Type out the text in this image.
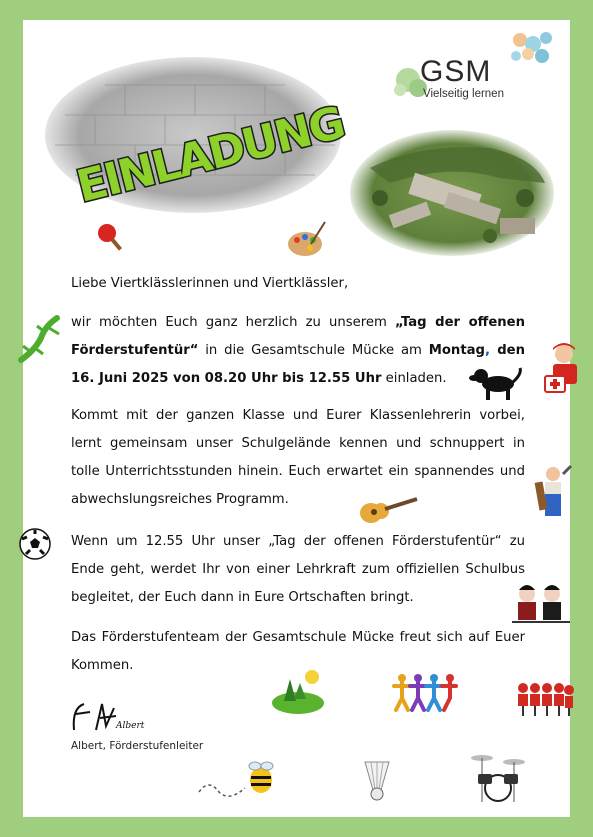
EINLADUNG
GSM
Vielseitig lernen
Albert
Liebe Viertklässlerinnen und Viertklässler,
wir möchten Euch ganz herzlich zu unserem „Tag der offenen Förderstufentür“ in die Gesamtschule Mücke am Montag, den 16. Juni 2025 von 08.20 Uhr bis 12.55 Uhr einladen.
Kommt mit der ganzen Klasse und Eurer Klassenlehrerin vorbei, lernt gemeinsam unser Schulgelände kennen und schnuppert in tolle Unterrichtsstunden hinein. Euch erwartet ein spannendes und abwechslungsreiches Programm.
Wenn um 12.55 Uhr unser „Tag der offenen Förderstufentür“ zu Ende geht, werdet Ihr von einer Lehrkraft zum offiziellen Schulbus begleitet, der Euch dann in Eure Ortschaften bringt.
Das Förderstufenteam der Gesamtschule Mücke freut sich auf Euer Kommen.
Albert, Förderstufenleiter
